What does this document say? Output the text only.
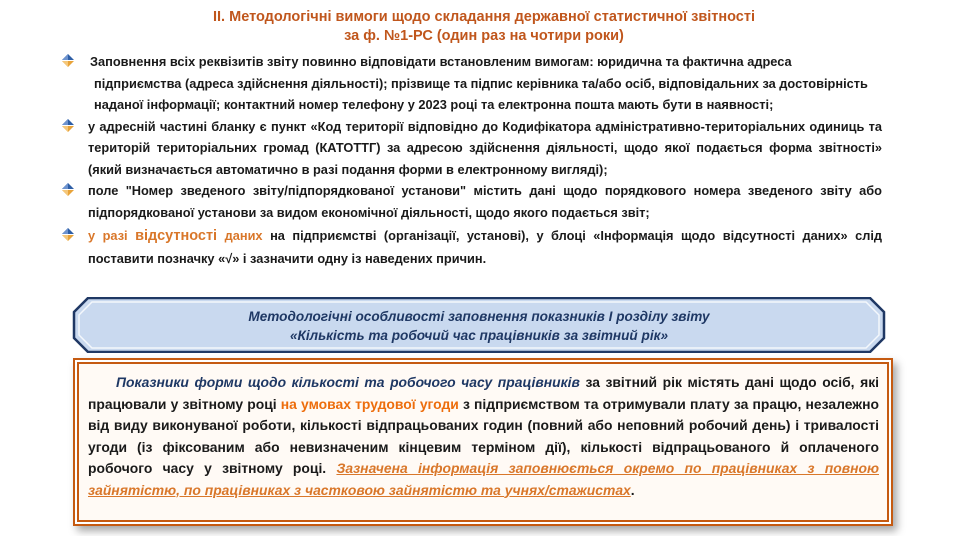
II. Методологічні вимоги щодо складання державної статистичної звітності
за ф. №1-РС (один раз на чотири роки)

Заповнення всіх реквізитів звіту повинно відповідати встановленим вимогам: юридична та фактична адреса підприємства (адреса здійснення діяльності); прізвище та підпис керівника та/або осіб, відповідальних за достовірність наданої інформації; контактний номер телефону у 2023 році та електронна пошта мають бути в наявності;

у адресній частині бланку є пункт «Код території відповідно до Кодифікатора адміністративно-територіальних одиниць та територій територіальних громад (КАТОТТГ) за адресою здійснення діяльності, щодо якої подається форма звітності» (який визначається автоматично в разі подання форми в електронному вигляді);

поле "Номер зведеного звіту/підпорядкованої установи" містить дані щодо порядкового номера зведеного звіту або підпорядкованої установи за видом економічної діяльності, щодо якого подається звіт;

у разі відсутності даних на підприємстві (організації, установі), у блоці «Інформація щодо відсутності даних» слід поставити позначку «√» і зазначити одну із наведених причин.

Методологічні особливості заповнення показників I розділу звіту
«Кількість та робочий час працівників за звітний рік»

Показники форми щодо кількості та робочого часу працівників за звітний рік містять дані щодо осіб, які працювали у звітному році на умовах трудової угоди з підприємством та отримували плату за працю, незалежно від виду виконуваної роботи, кількості відпрацьованих годин (повний або неповний робочий день) і тривалості угоди (із фіксованим або невизначеним кінцевим терміном дії), кількості відпрацьованого й оплаченого робочого часу у звітному році. Зазначена інформація заповнюється окремо по працівниках з повною зайнятістю, по працівниках з частковою зайнятістю та учнях/стажистах.
